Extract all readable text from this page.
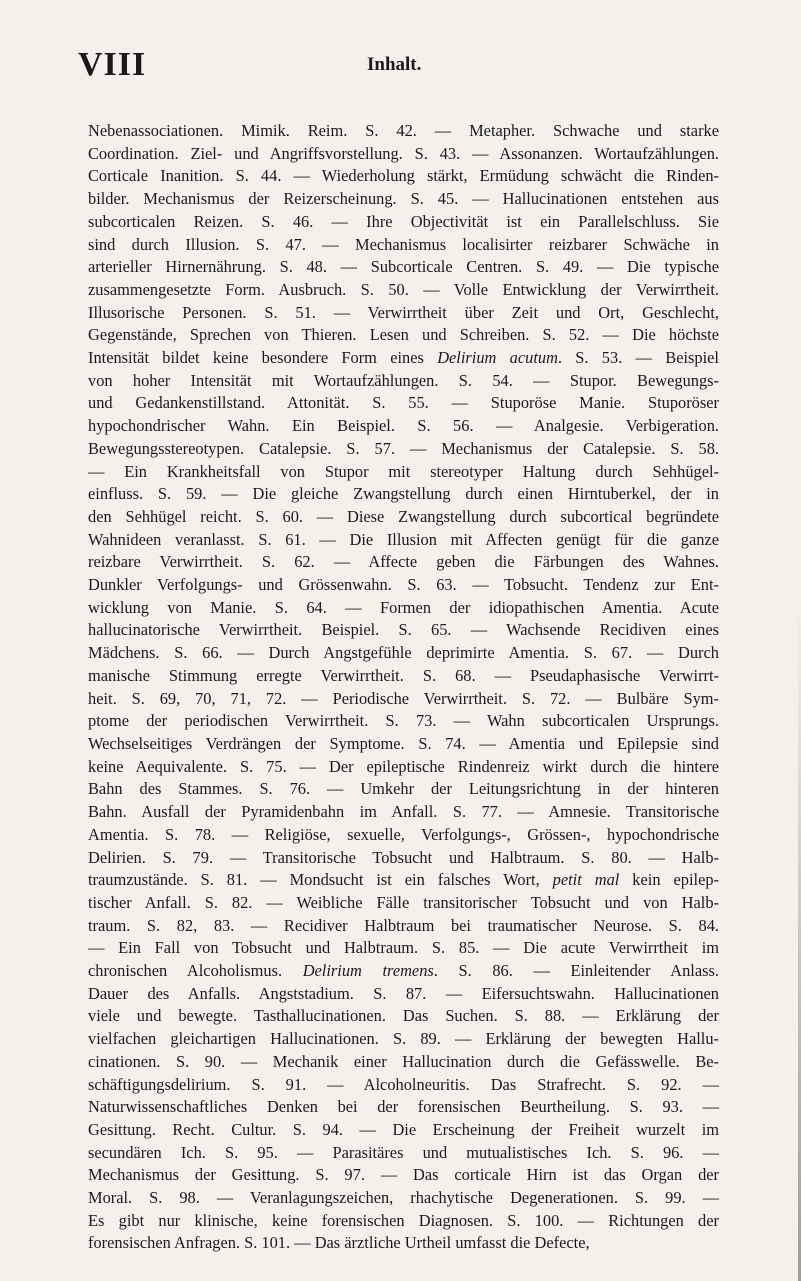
VIII	Inhalt.
Nebenassociationen. Mimik. Reim. S. 42. — Metapher. Schwache und starke
Coordination. Ziel- und Angriffsvorstellung. S. 43. — Assonanzen. Wortaufzählungen.
Corticale Inanition. S. 44. — Wiederholung stärkt, Ermüdung schwächt die Rinden-
bilder. Mechanismus der Reizerscheinung. S. 45. — Hallucinationen entstehen aus
subcorticalen Reizen. S. 46. — Ihre Objectivität ist ein Parallelschluss. Sie
sind durch Illusion. S. 47. — Mechanismus localisirter reizbarer Schwäche in
arterieller Hirnernährung. S. 48. — Subcorticale Centren. S. 49. — Die typische
zusammengesetzte Form. Ausbruch. S. 50. — Volle Entwicklung der Verwirrtheit.
Illusorische Personen. S. 51. — Verwirrtheit über Zeit und Ort, Geschlecht,
Gegenstände, Sprechen von Thieren. Lesen und Schreiben. S. 52. — Die höchste
Intensität bildet keine besondere Form eines Delirium acutum. S. 53. — Beispiel
von hoher Intensität mit Wortaufzählungen. S. 54. — Stupor. Bewegungs-
und Gedankenstillstand. Attonität. S. 55. — Stuporöse Manie. Stuporöser
hypochondrischer Wahn. Ein Beispiel. S. 56. — Analgesie. Verbigeration.
Bewegungsstereotypen. Catalepsie. S. 57. — Mechanismus der Catalepsie. S. 58.
— Ein Krankheitsfall von Stupor mit stereotyper Haltung durch Sehhügel-
einfluss. S. 59. — Die gleiche Zwangstellung durch einen Hirntuberkel, der in
den Sehhügel reicht. S. 60. — Diese Zwangstellung durch subcortical begründete
Wahnideen veranlasst. S. 61. — Die Illusion mit Affecten genügt für die ganze
reizbare Verwirrtheit. S. 62. — Affecte geben die Färbungen des Wahnes.
Dunkler Verfolgungs- und Grössenwahn. S. 63. — Tobsucht. Tendenz zur Ent-
wicklung von Manie. S. 64. — Formen der idiopathischen Amentia. Acute
hallucinatorische Verwirrtheit. Beispiel. S. 65. — Wachsende Recidiven eines
Mädchens. S. 66. — Durch Angstgefühle deprimirte Amentia. S. 67. — Durch
manische Stimmung erregte Verwirrtheit. S. 68. — Pseudaphasische Verwirrt-
heit. S. 69, 70, 71, 72. — Periodische Verwirrtheit. S. 72. — Bulbäre Sym-
ptome der periodischen Verwirrtheit. S. 73. — Wahn subcorticalen Ursprungs.
Wechselseitiges Verdrängen der Symptome. S. 74. — Amentia und Epilepsie sind
keine Aequivalente. S. 75. — Der epileptische Rindenreiz wirkt durch die hintere
Bahn des Stammes. S. 76. — Umkehr der Leitungsrichtung in der hinteren
Bahn. Ausfall der Pyramidenbahn im Anfall. S. 77. — Amnesie. Transitorische
Amentia. S. 78. — Religiöse, sexuelle, Verfolgungs-, Grössen-, hypochondrische
Delirien. S. 79. — Transitorische Tobsucht und Halbtraum. S. 80. — Halb-
traumzustände. S. 81. — Mondsucht ist ein falsches Wort, petit mal kein epilep-
tischer Anfall. S. 82. — Weibliche Fälle transitorischer Tobsucht und von Halb-
traum. S. 82, 83. — Recidiver Halbtraum bei traumatischer Neurose. S. 84.
— Ein Fall von Tobsucht und Halbtraum. S. 85. — Die acute Verwirrtheit im
chronischen Alcoholismus. Delirium tremens. S. 86. — Einleitender Anlass.
Dauer des Anfalls. Angststadium. S. 87. — Eifersuchtswahn. Hallucinationen
viele und bewegte. Tasthallucinationen. Das Suchen. S. 88. — Erklärung der
vielfachen gleichartigen Hallucinationen. S. 89. — Erklärung der bewegten Hallu-
cinationen. S. 90. — Mechanik einer Hallucination durch die Gefässwelle. Be-
schäftigungsdelirium. S. 91. — Alcoholneuritis. Das Strafrecht. S. 92. —
Naturwissenschaftliches Denken bei der forensischen Beurtheilung. S. 93. —
Gesittung. Recht. Cultur. S. 94. — Die Erscheinung der Freiheit wurzelt im
secundären Ich. S. 95. — Parasitäres und mutualistisches Ich. S. 96. —
Mechanismus der Gesittung. S. 97. — Das corticale Hirn ist das Organ der
Moral. S. 98. — Veranlagungszeichen, rhachytische Degenerationen. S. 99. —
Es gibt nur klinische, keine forensischen Diagnosen. S. 100. — Richtungen der
forensischen Anfragen. S. 101. — Das ärztliche Urtheil umfasst die Defecte,
